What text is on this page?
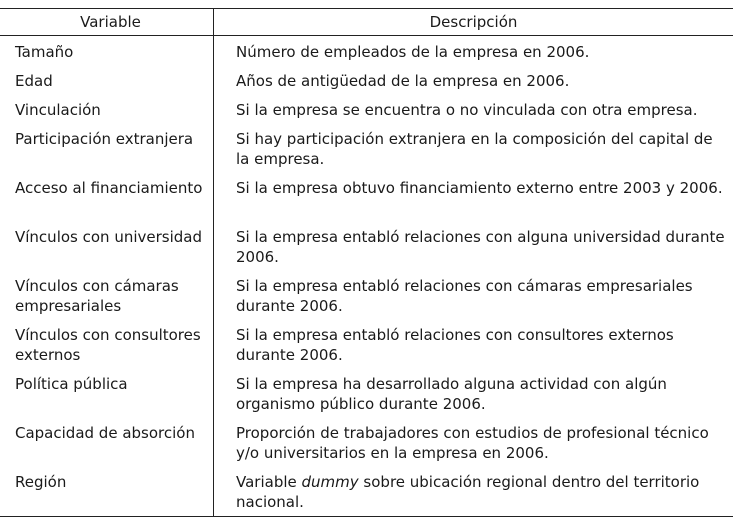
Variable	Descripción
Tamaño
Edad
Vinculación
Participación extranjera
Acceso al financiamiento
Vínculos con universidad
Vínculos con cámaras empresariales
Vínculos con consultores externos
Política pública
Capacidad de absorción
Región
Número de empleados de la empresa en 2006.
Años de antigüedad de la empresa en 2006.
Si la empresa se encuentra o no vinculada con otra empresa.
Si hay participación extranjera en la composición del capital de la empresa.
Si la empresa obtuvo financiamiento externo entre 2003 y 2006.
Si la empresa entabló relaciones con alguna universidad durante 2006.
Si la empresa entabló relaciones con cámaras empresariales durante 2006.
Si la empresa entabló relaciones con consultores externos durante 2006.
Si la empresa ha desarrollado alguna actividad con algún organismo público durante 2006.
Proporción de trabajadores con estudios de profesional técnico y/o universitarios en la empresa en 2006.
Variable dummy sobre ubicación regional dentro del territorio nacional.
